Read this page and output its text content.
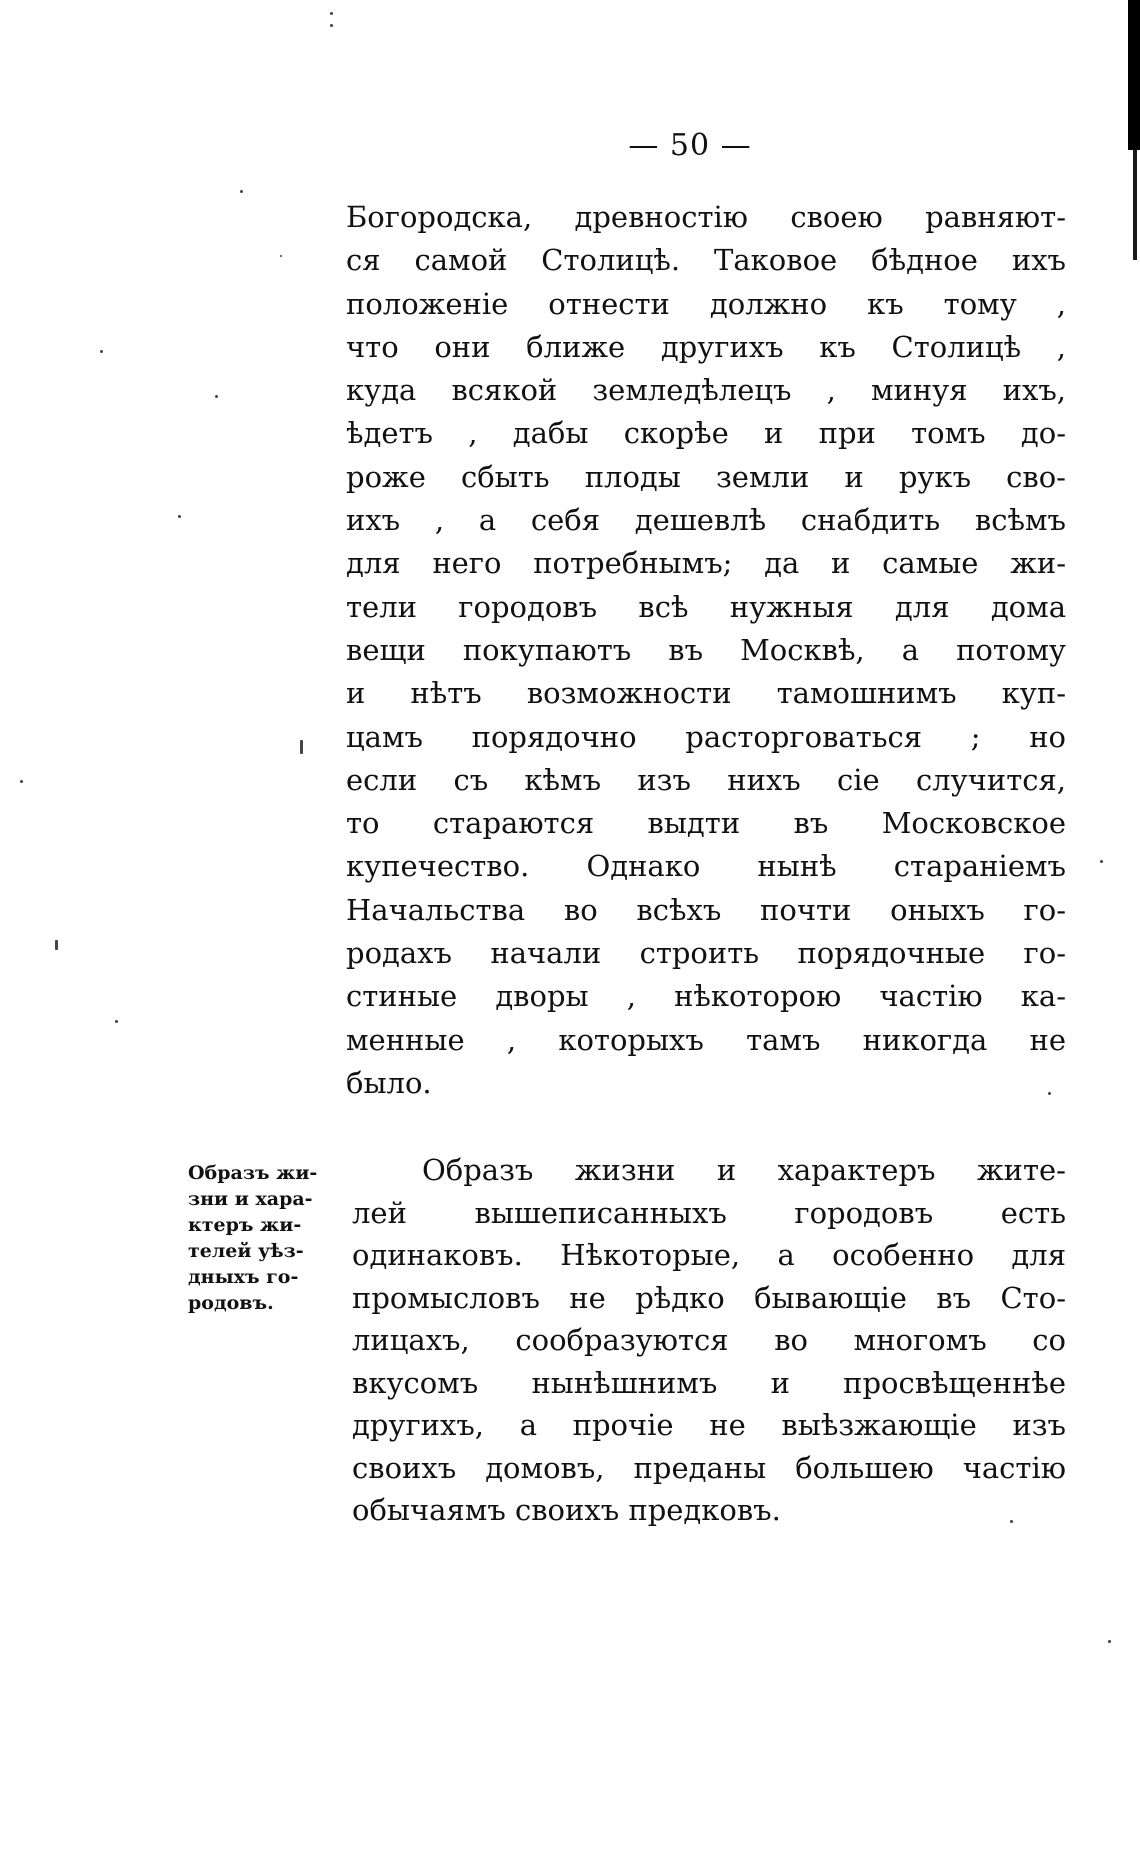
— 50 —
Богородска, древностію своею равняют-
ся самой Столицѣ. Таковое бѣдное ихъ
положеніе отнести должно къ тому ,
что они ближе другихъ къ Столицѣ ,
куда всякой земледѣлецъ , минуя ихъ,
ѣдетъ , дабы скорѣе и при томъ до-
роже сбыть плоды земли и рукъ сво-
ихъ , а себя дешевлѣ снабдить всѣмъ
для него потребнымъ; да и самые жи-
тели городовъ всѣ нужныя для дома
вещи покупаютъ въ Москвѣ, а потому
и нѣтъ возможности тамошнимъ куп-
цамъ порядочно расторговаться ; но
если съ кѣмъ изъ нихъ сіе случится,
то стараются выдти въ Московское
купечество. Однако нынѣ стараніемъ
Начальства во всѣхъ почти оныхъ го-
родахъ начали строить порядочные го-
стиные дворы , нѣкоторою частію ка-
менные , которыхъ тамъ никогда не
было.
Образъ жи-
зни и хара-
ктеръ жи-
телей уѣз-
дныхъ го-
родовъ.
Образъ жизни и характеръ жите-
лей вышеписанныхъ городовъ есть
одинаковъ. Нѣкоторые, а особенно для
промысловъ не рѣдко бывающіе въ Сто-
лицахъ, сообразуются во многомъ со
вкусомъ нынѣшнимъ и просвѣщеннѣе
другихъ, а прочіе не выѣзжающіе изъ
своихъ домовъ, преданы большею частію
обычаямъ своихъ предковъ.
